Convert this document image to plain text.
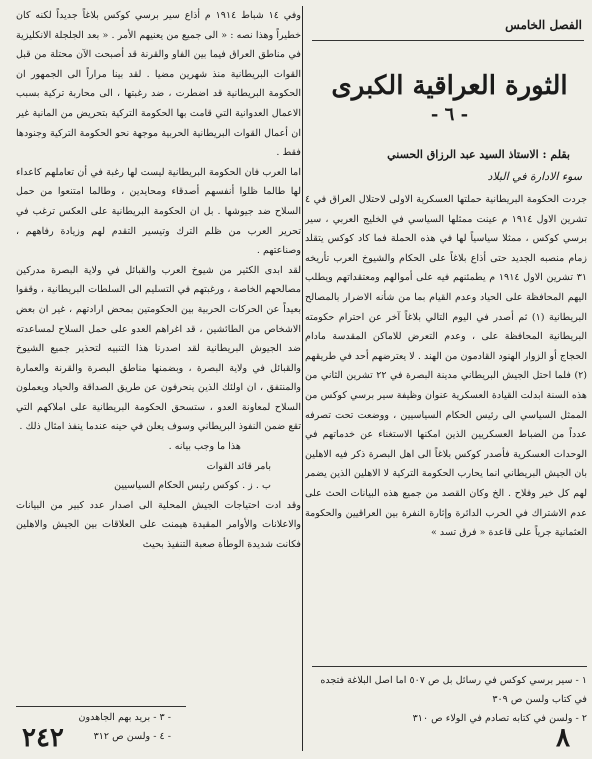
وفي ١٤ شباط ١٩١٤ م أذاع سير برسي كوكس بلاغاً جديداً لكنه كان خطيراً وهذا نصه : « الى جميع من يعنيهم الأمر . « بعد الجلجلة الانكليزية في مناطق العراق فيما بين الفاو والقرنة قد أصبحت الآن محتلة من قبل القوات البريطانية منذ شهرين مضيا . لقد بينا مراراً الى الجمهور ان الحكومة البريطانية قد اضطرت ، ضد رغبتها ، الى محاربة تركية بسبب الاعمال العدوانية التي قامت بها الحكومة التركية بتحريض من المانية غير ان أعمال القوات البريطانية الحربية موجهة نحو الحكومة التركية وجنودها فقط .

اما العرب فان الحكومة البريطانية ليست لها رغبة في أن تعاملهم كاعداء لها طالما ظلوا أنفسهم أصدقاء ومحايدين ، وطالما امتنعوا من حمل السلاح ضد جيوشها . بل ان الحكومة البريطانية على العكس ترغب في تحرير العرب من ظلم الترك وتيسير التقدم لهم وزيادة رفاههم ، وصناعتهم .

لقد ابدى الكثير من شيوخ العرب والقبائل في ولاية البصرة مدركين مصالحهم الخاصة ، ورغبتهم في التسليم الى السلطات البريطانية ، وقفوا بعيداً عن الحركات الحربية بين الحكومتين بمحض ارادتهم ، غير ان بعض الاشخاص من الطائشين ، قد اغراهم العدو على حمل السلاح لمساعدته ضد الجيوش البريطانية لقد اصدرنا هذا التنبيه لتحذير جميع الشيوخ والقبائل في ولاية البصرة ، وبضمنها مناطق البصرة والقرنة والعمارة والمنتفق ، ان اولئك الذين ينحرفون عن طريق الصداقة والحياد ويعملون السلاح لمعاونة العدو ، ستسحق الحكومة البريطانية على املاكهم التي تقع ضمن النفوذ البريطاني وسوف يعلن في حينه عندما ينفذ امثال ذلك .

هذا ما وجب بيانه .

بامر قائد القوات

ب . ز . كوكس رئيس الحكام السياسيين

وقد ادت احتياجات الجيش المحلية الى اصدار عدد كبير من البيانات والاعلانات والأوامر المقيدة هيمنت على العلاقات بين الجيش والاهلين فكانت شديدة الوطأة صعبة التنفيذ بحيث

- ٣ - بريد بهم الجاهدون

- ٤ - ولسن ص ٣١٢

٢٤٢
الفصل الخامس
الثورة العراقية الكبرى
- ٦ -
بقلم : الاستاذ السيد عبد الرزاق الحسني
سوء الادارة في البلاد

جردت الحكومة البريطانية حملتها العسكرية الاولى لاحتلال العراق في ٤ تشرين الاول ١٩١٤ م عينت ممثلها السياسي في الخليج العربي ، سير برسي كوكس ، ممثلا سياسياً لها في هذه الحملة فما كاد كوكس يتقلد زمام منصبه الجديد حتى أذاع بلاغاً على الحكام والشيوخ العرب تأريخه ٣١ تشرين الاول ١٩١٤ م يطمئنهم فيه على أموالهم ومعتقداتهم ويطلب اليهم المحافظة على الحياد وعدم القيام بما من شأنه الاضرار بالمصالح البريطانية (١) ثم أصدر في اليوم التالي بلاغاً آخر عن احترام حكومته البريطانية المحافظة على ، وعدم التعرض للاماكن المقدسة مادام الحجاج أو الزوار الهنود القادمون من الهند . لا يعترضهم أحد في طريقهم (٢) فلما احتل الجيش البريطاني مدينة البصرة في ٢٢ تشرين الثاني من هذه السنة ابدلت القيادة العسكرية عنوان وظيفة سير برسي كوكس من الممثل السياسي الى رئيس الحكام السياسيين ، ووضعت تحت تصرفه عدداً من الضباط العسكريين الذين امكنها الاستغناء عن خدماتهم في الوحدات العسكرية فأصدر كوكس بلاغاً الى اهل البصرة ذكر فيه الاهلين بان الجيش البريطاني انما يحارب الحكومة التركية لا الاهلين الذين يضمر لهم كل خير وفلاح . الخ وكان القصد من جميع هذه البيانات الحث على عدم الاشتراك في الحرب الدائرة وإثارة النفرة بين العراقيين والحكومة العثمانية جرياً على قاعدة « فرق تسد »

١ - سير برسي كوكس في رسائل بل ص ٥٠٧ اما اصل البلاغة فتجده في كتاب ولسن ص ٣٠٩

٢ - ولسن في كتابه تصادم في الولاء ص ٣١٠

٨
